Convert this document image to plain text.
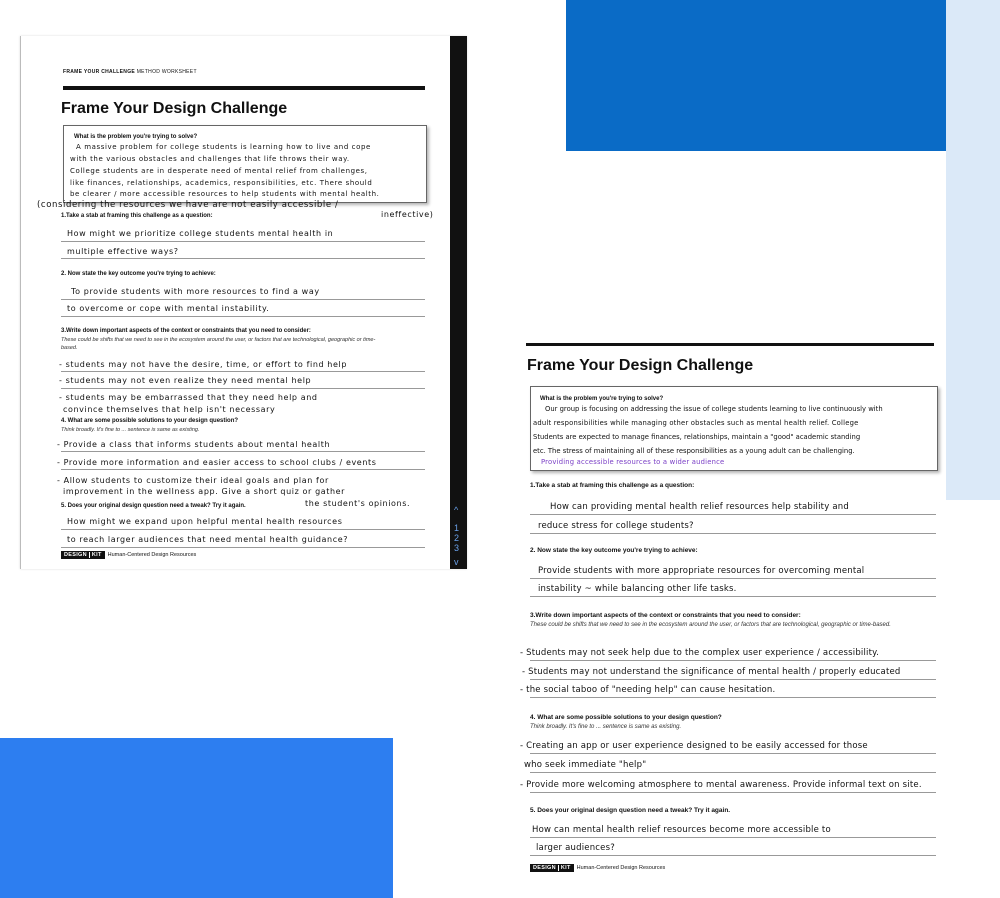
FRAME YOUR CHALLENGE METHOD WORKSHEET
Frame Your Design Challenge
What is the problem you're trying to solve?
A massive problem for college students is learning how to live and cope
with the various obstacles and challenges that life throws their way.
College students are in desperate need of mental relief from challenges,
like finances, relationships, academics, responsibilities, etc. There should
be clearer / more accessible resources to help students with mental health.
(considering the resources we have are not easily accessible /
ineffective)
1.Take a stab at framing this challenge as a question:
How might we prioritize college students mental health in
multiple effective ways?
2. Now state the key outcome you're trying to achieve:
To provide students with more resources to find a way
to overcome or cope with mental instability.
3.Write down important aspects of the context or constraints that you need to consider:
These could be shifts that we need to see in the ecosystem around the user, or factors that are technological, geographic or time-based.
- students may not have the desire, time, or effort to find help
- students may not even realize they need mental help
- students may be embarrassed that they need help and
convince themselves that help isn't necessary
4. What are some possible solutions to your design question?
Think broadly. It's fine to ... sentence is same as existing.
- Provide a class that informs students about mental health
- Provide more information and easier access to school clubs / events
- Allow students to customize their ideal goals and plan for
improvement in the wellness app. Give a short quiz or gather
5. Does your original design question need a tweak? Try it again.	the student's opinions.
How might we expand upon helpful mental health resources
to reach larger audiences that need mental health guidance?
DESIGN KIT	Human-Centered Design Resources
^
1
2
3
v
Frame Your Design Challenge
What is the problem you're trying to solve?
Our group is focusing on addressing the issue of college students learning to live continuously with
adult responsibilities while managing other obstacles such as mental health relief. College
Students are expected to manage finances, relationships, maintain a "good" academic standing
etc. The stress of maintaining all of these responsibilities as a young adult can be challenging.
Providing accessible resources to a wider audience
1.Take a stab at framing this challenge as a question:
How can providing mental health relief resources help stability and
reduce stress for college students?
2. Now state the key outcome you're trying to achieve:
Provide students with more appropriate resources for overcoming mental
instability ~ while balancing other life tasks.
3.Write down important aspects of the context or constraints that you need to consider:
These could be shifts that we need to see in the ecosystem around the user, or factors that are technological, geographic or time-based.
- Students may not seek help due to the complex user experience / accessibility.
- Students may not understand the significance of mental health / properly educated
- the social taboo of "needing help" can cause hesitation.
4. What are some possible solutions to your design question?
Think broadly. It's fine to ... sentence is same as existing.
- Creating an app or user experience designed to be easily accessed for those
who seek immediate "help"
- Provide more welcoming atmosphere to mental awareness. Provide informal text on site.
5. Does your original design question need a tweak? Try it again.
How can mental health relief resources become more accessible to
larger audiences?
DESIGN KIT	Human-Centered Design Resources
